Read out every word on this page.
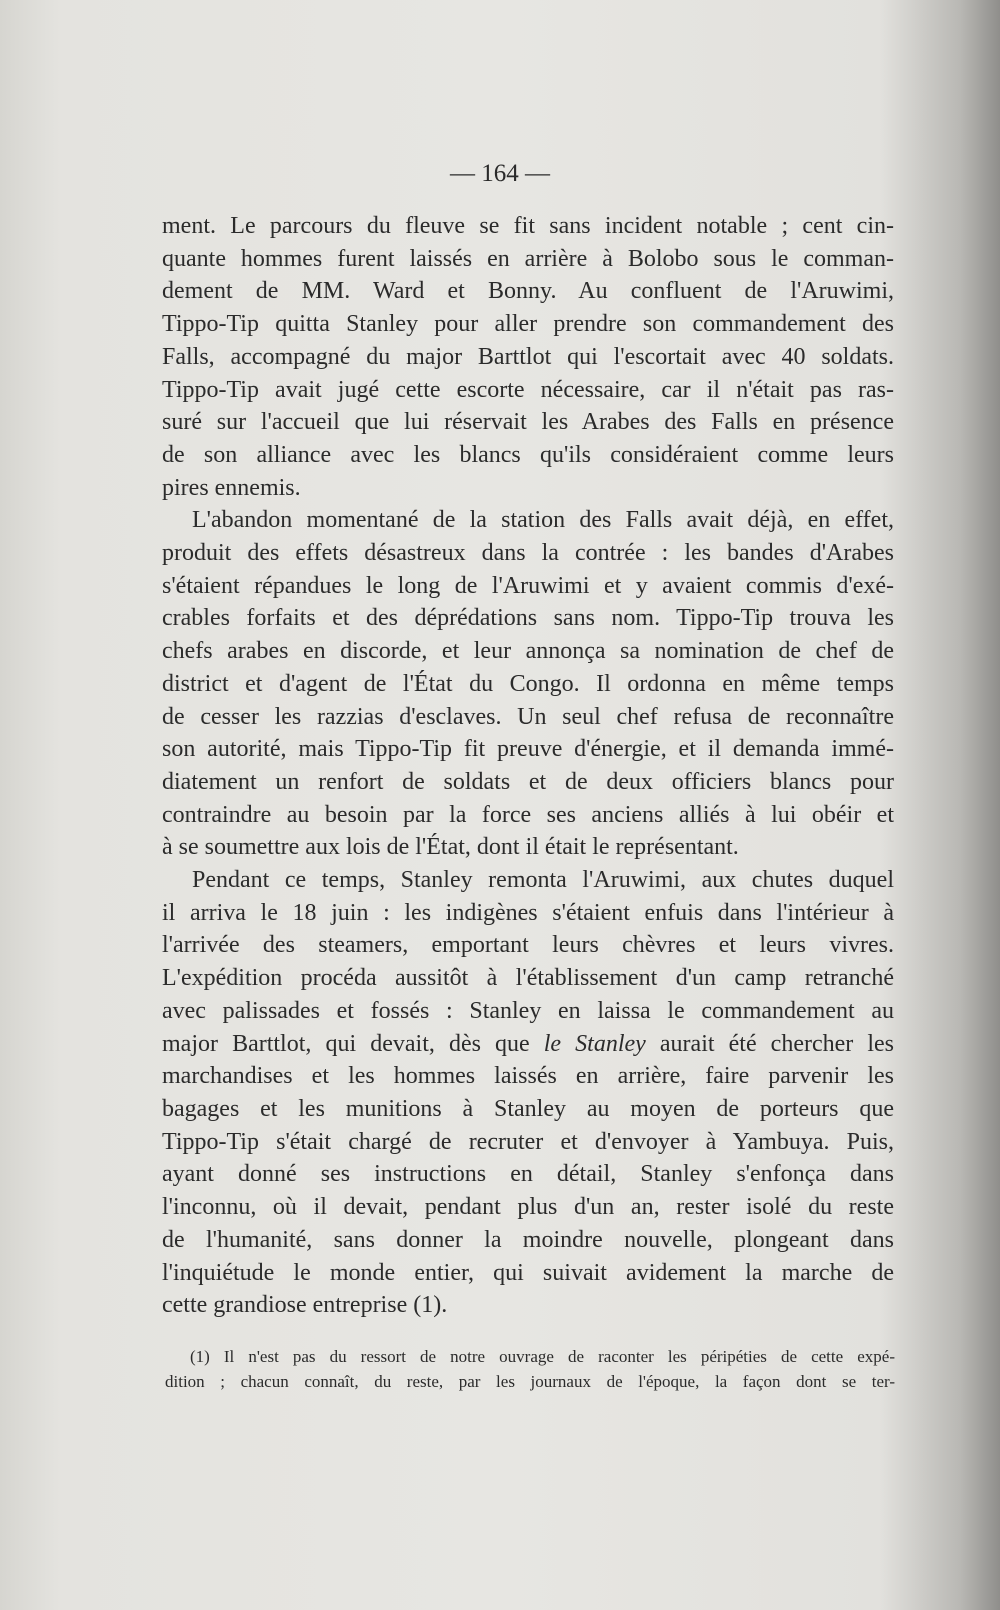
— 164 —
ment. Le parcours du fleuve se fit sans incident notable ; cent cin-
quante hommes furent laissés en arrière à Bolobo sous le comman-
dement de MM. Ward et Bonny. Au confluent de l'Aruwimi,
Tippo-Tip quitta Stanley pour aller prendre son commandement des
Falls, accompagné du major Barttlot qui l'escortait avec 40 soldats.
Tippo-Tip avait jugé cette escorte nécessaire, car il n'était pas ras-
suré sur l'accueil que lui réservait les Arabes des Falls en présence
de son alliance avec les blancs qu'ils considéraient comme leurs
pires ennemis.
L'abandon momentané de la station des Falls avait déjà, en effet,
produit des effets désastreux dans la contrée : les bandes d'Arabes
s'étaient répandues le long de l'Aruwimi et y avaient commis d'exé-
crables forfaits et des déprédations sans nom. Tippo-Tip trouva les
chefs arabes en discorde, et leur annonça sa nomination de chef de
district et d'agent de l'État du Congo. Il ordonna en même temps
de cesser les razzias d'esclaves. Un seul chef refusa de reconnaître
son autorité, mais Tippo-Tip fit preuve d'énergie, et il demanda immé-
diatement un renfort de soldats et de deux officiers blancs pour
contraindre au besoin par la force ses anciens alliés à lui obéir et
à se soumettre aux lois de l'État, dont il était le représentant.
Pendant ce temps, Stanley remonta l'Aruwimi, aux chutes duquel
il arriva le 18 juin : les indigènes s'étaient enfuis dans l'intérieur à
l'arrivée des steamers, emportant leurs chèvres et leurs vivres.
L'expédition procéda aussitôt à l'établissement d'un camp retranché
avec palissades et fossés : Stanley en laissa le commandement au
major Barttlot, qui devait, dès que le Stanley aurait été chercher les
marchandises et les hommes laissés en arrière, faire parvenir les
bagages et les munitions à Stanley au moyen de porteurs que
Tippo-Tip s'était chargé de recruter et d'envoyer à Yambuya. Puis,
ayant donné ses instructions en détail, Stanley s'enfonça dans
l'inconnu, où il devait, pendant plus d'un an, rester isolé du reste
de l'humanité, sans donner la moindre nouvelle, plongeant dans
l'inquiétude le monde entier, qui suivait avidement la marche de
cette grandiose entreprise (1).
(1) Il n'est pas du ressort de notre ouvrage de raconter les péripéties de cette expé-
dition ; chacun connaît, du reste, par les journaux de l'époque, la façon dont se ter-
